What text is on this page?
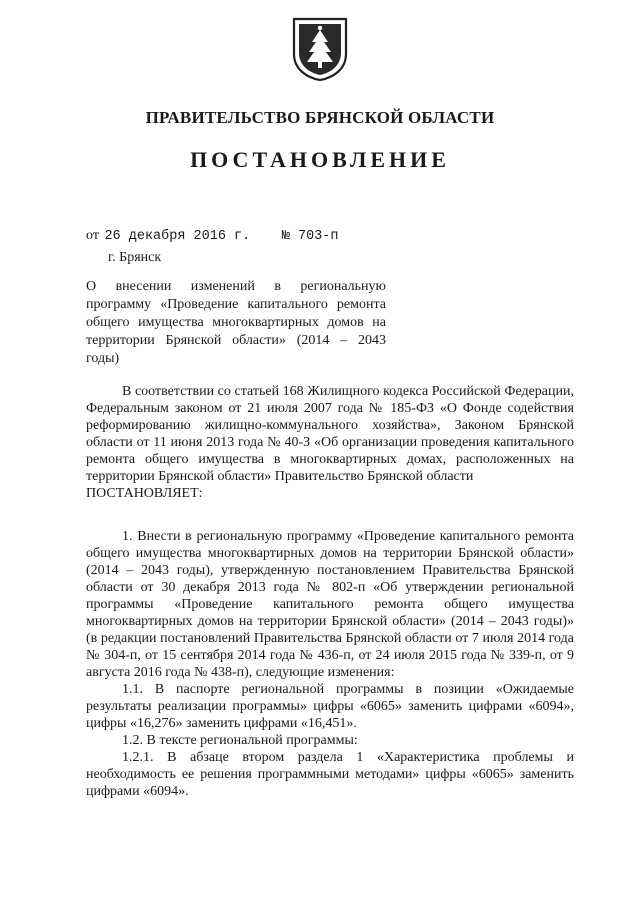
ПРАВИТЕЛЬСТВО БРЯНСКОЙ ОБЛАСТИ
ПОСТАНОВЛЕНИЕ
от 26 декабря 2016 г. № 703-п
г. Брянск
О внесении изменений в региональную программу «Проведение капитального ремонта общего имущества многоквартирных домов на территории Брянской области» (2014 – 2043 годы)

В соответствии со статьей 168 Жилищного кодекса Российской Федерации, Федеральным законом от 21 июля 2007 года № 185-ФЗ «О Фонде содействия реформированию жилищно-коммунального хозяйства», Законом Брянской области от 11 июня 2013 года № 40-З «Об организации проведения капитального ремонта общего имущества в многоквартирных домах, расположенных на территории Брянской области» Правительство Брянской области

ПОСТАНОВЛЯЕТ:

1. Внести в региональную программу «Проведение капитального ремонта общего имущества многоквартирных домов на территории Брянской области» (2014 – 2043 годы), утвержденную постановлением Правительства Брянской области от 30 декабря 2013 года № 802-п «Об утверждении региональной программы «Проведение капитального ремонта общего имущества многоквартирных домов на территории Брянской области» (2014 – 2043 годы)» (в редакции постановлений Правительства Брянской области от 7 июля 2014 года № 304-п, от 15 сентября 2014 года № 436-п, от 24 июля 2015 года № 339-п, от 9 августа 2016 года № 438-п), следующие изменения:

1.1. В паспорте региональной программы в позиции «Ожидаемые результаты реализации программы» цифры «6065» заменить цифрами «6094», цифры «16,276» заменить цифрами «16,451».

1.2. В тексте региональной программы:

1.2.1. В абзаце втором раздела 1 «Характеристика проблемы и необходимость ее решения программными методами» цифры «6065» заменить цифрами «6094».
